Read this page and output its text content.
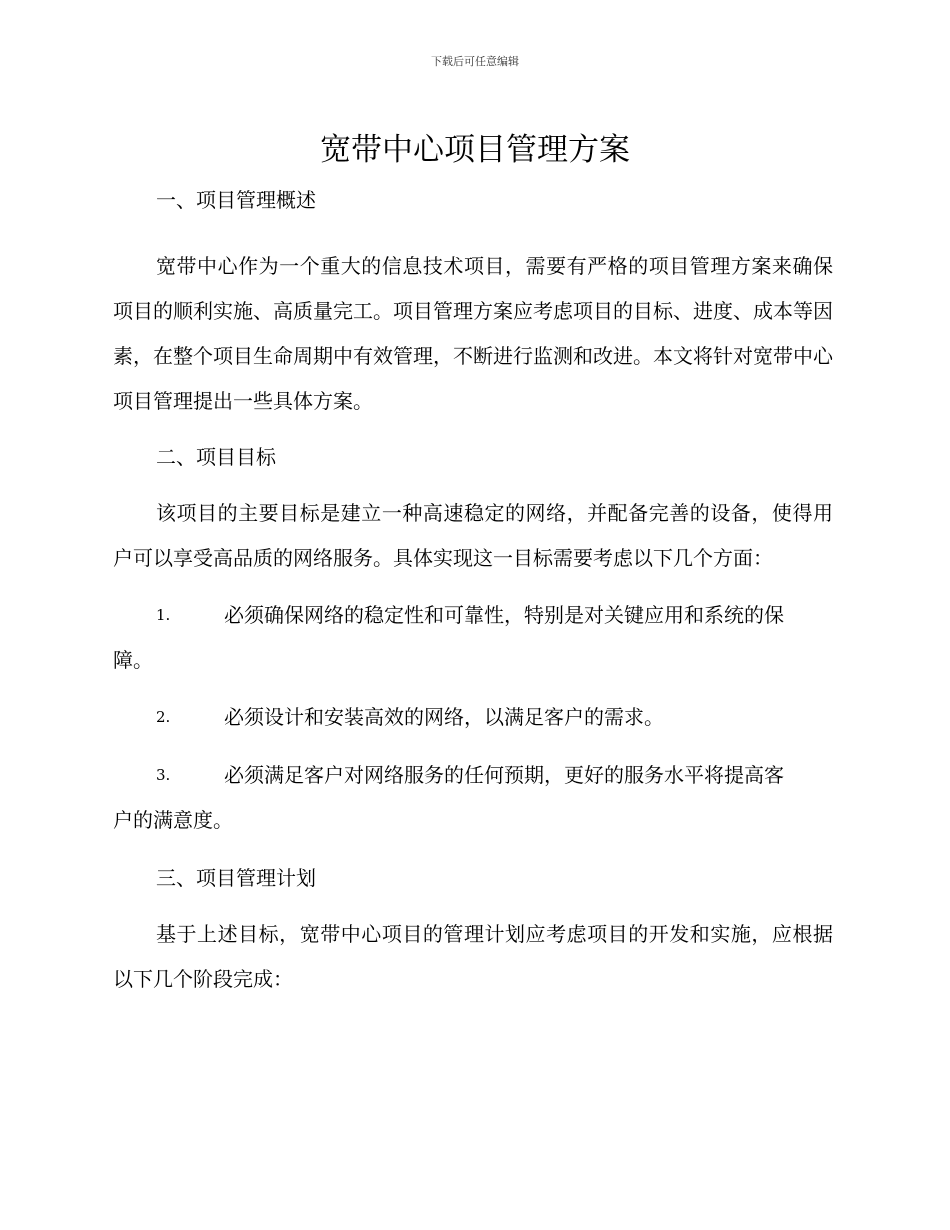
下载后可任意编辑
宽带中心项目管理方案
一、项目管理概述

宽带中心作为一个重大的信息技术项目，需要有严格的项目管理方案来确保项目的顺利实施、高质量完工。项目管理方案应考虑项目的目标、进度、成本等因素，在整个项目生命周期中有效管理，不断进行监测和改进。本文将针对宽带中心项目管理提出一些具体方案。

二、项目目标

该项目的主要目标是建立一种高速稳定的网络，并配备完善的设备，使得用户可以享受高品质的网络服务。具体实现这一目标需要考虑以下几个方面：

1.	必须确保网络的稳定性和可靠性，特别是对关键应用和系统的保
障。
2.	必须设计和安装高效的网络，以满足客户的需求。
3.	必须满足客户对网络服务的任何预期，更好的服务水平将提高客
户的满意度。
三、项目管理计划

基于上述目标，宽带中心项目的管理计划应考虑项目的开发和实施，应根据以下几个阶段完成：
